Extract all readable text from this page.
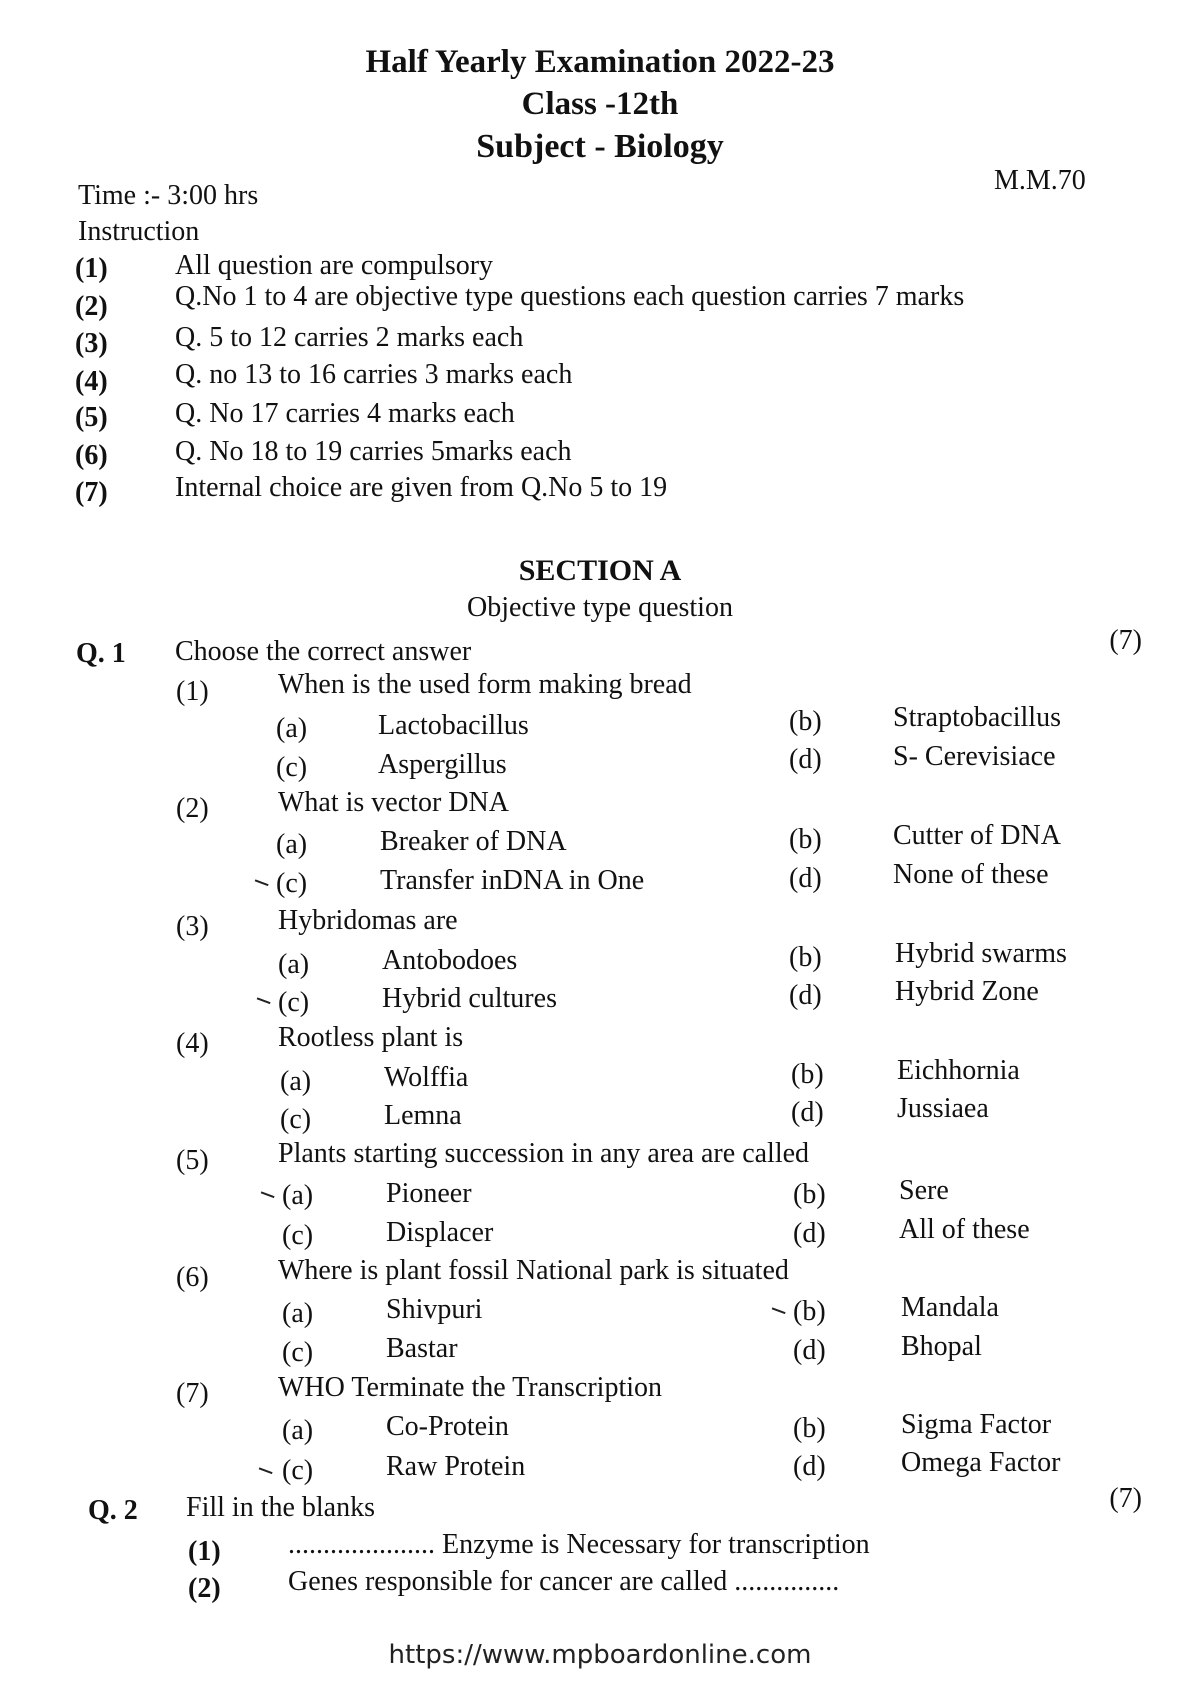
Half Yearly Examination 2022-23
Class -12th
Subject - Biology
Time :- 3:00 hrs	M.M.70
Instruction
(1) All question are compulsory
(2) Q.No 1 to 4 are objective type questions each question carries 7 marks
(3) Q. 5 to 12 carries 2 marks each
(4) Q. no 13 to 16 carries 3 marks each
(5) Q. No 17 carries 4 marks each
(6) Q. No 18 to 19 carries 5marks each
(7) Internal choice are given from Q.No 5 to 19
SECTION A
Objective type question
Q. 1 Choose the correct answer	(7)
(1) When is the used form making bread
(a)	Lactobacillus	(b)	Straptobacillus
(c)	Aspergillus	(d)	S- Cerevisiace
(2) What is vector DNA
(a)	Breaker of DNA	(b)	Cutter of DNA
(c)	Transfer inDNA in One	(d)	None of these
(3) Hybridomas are
(a)	Antobodoes	(b)	Hybrid swarms
(c)	Hybrid cultures	(d)	Hybrid Zone
(4) Rootless plant is
(a)	Wolffia	(b)	Eichhornia
(c)	Lemna	(d)	Jussiaea
(5) Plants starting succession in any area are called
(a)	Pioneer	(b)	Sere
(c)	Displacer	(d)	All of these
(6) Where is plant fossil National park is situated
(a)	Shivpuri	(b)	Mandala
(c)	Bastar	(d)	Bhopal
(7) WHO Terminate the Transcription
(a)	Co-Protein	(b)	Sigma Factor
(c)	Raw Protein	(d)	Omega Factor
Q. 2 Fill in the blanks	(7)
(1) ..................... Enzyme is Necessary for transcription
(2) Genes responsible for cancer are called ...............
https://www.mpboardonline.com
